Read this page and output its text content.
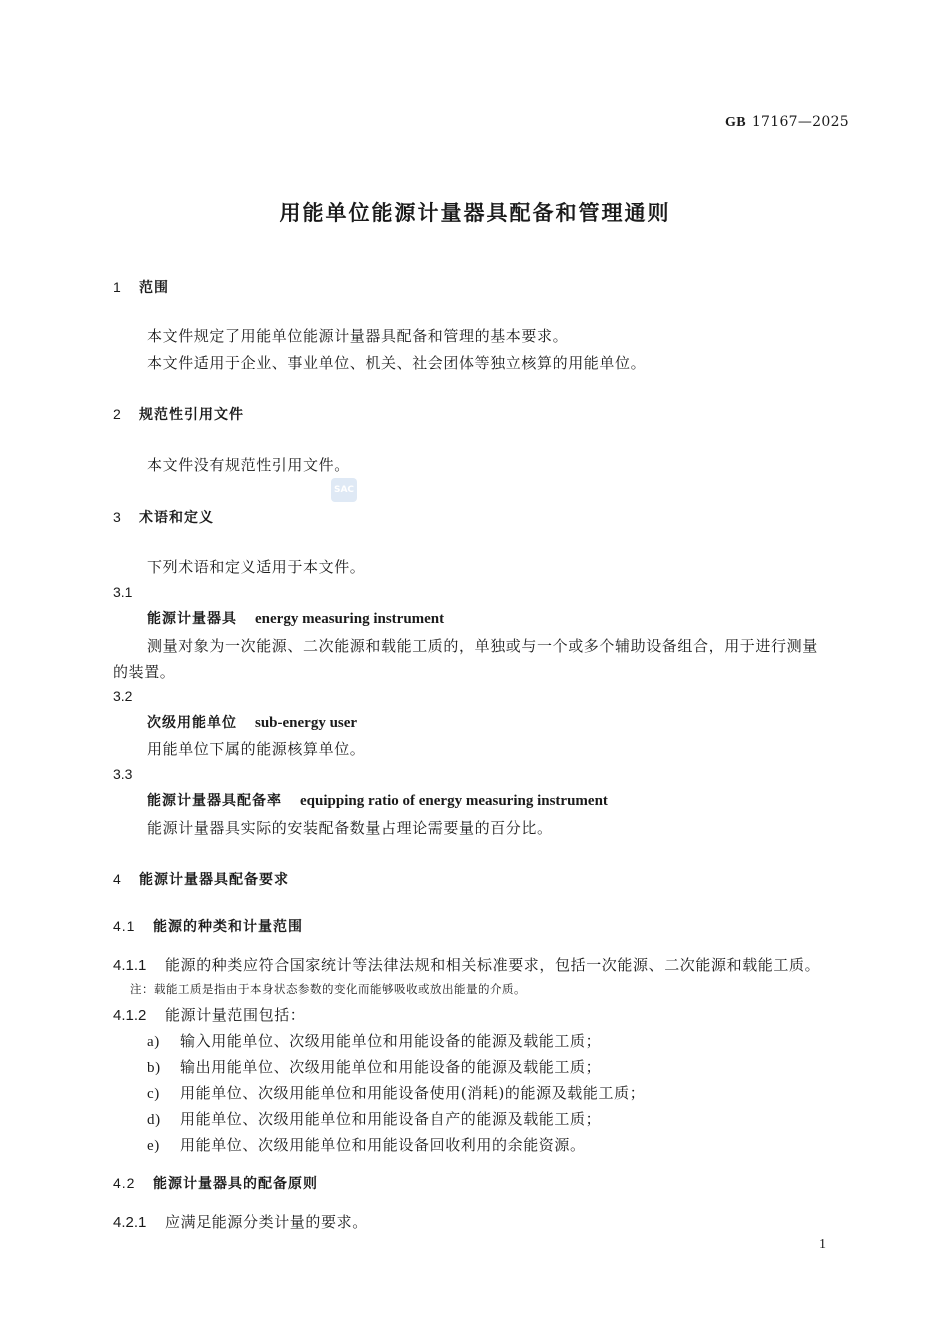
GB 17167—2025
用能单位能源计量器具配备和管理通则
1 范围
本文件规定了用能单位能源计量器具配备和管理的基本要求。
本文件适用于企业、事业单位、机关、社会团体等独立核算的用能单位。
2 规范性引用文件
本文件没有规范性引用文件。
SAC
3 术语和定义
下列术语和定义适用于本文件。
3.1
能源计量器具 energy measuring instrument
测量对象为一次能源、二次能源和载能工质的，单独或与一个或多个辅助设备组合，用于进行测量
的装置。
3.2
次级用能单位 sub-energy user
用能单位下属的能源核算单位。
3.3
能源计量器具配备率 equipping ratio of energy measuring instrument
能源计量器具实际的安装配备数量占理论需要量的百分比。
4 能源计量器具配备要求
4.1 能源的种类和计量范围
4.1.1 能源的种类应符合国家统计等法律法规和相关标准要求，包括一次能源、二次能源和载能工质。
注：载能工质是指由于本身状态参数的变化而能够吸收或放出能量的介质。
4.1.2 能源计量范围包括：
a) 输入用能单位、次级用能单位和用能设备的能源及载能工质；
b) 输出用能单位、次级用能单位和用能设备的能源及载能工质；
c) 用能单位、次级用能单位和用能设备使用(消耗)的能源及载能工质；
d) 用能单位、次级用能单位和用能设备自产的能源及载能工质；
e) 用能单位、次级用能单位和用能设备回收利用的余能资源。
4.2 能源计量器具的配备原则
4.2.1 应满足能源分类计量的要求。
1
